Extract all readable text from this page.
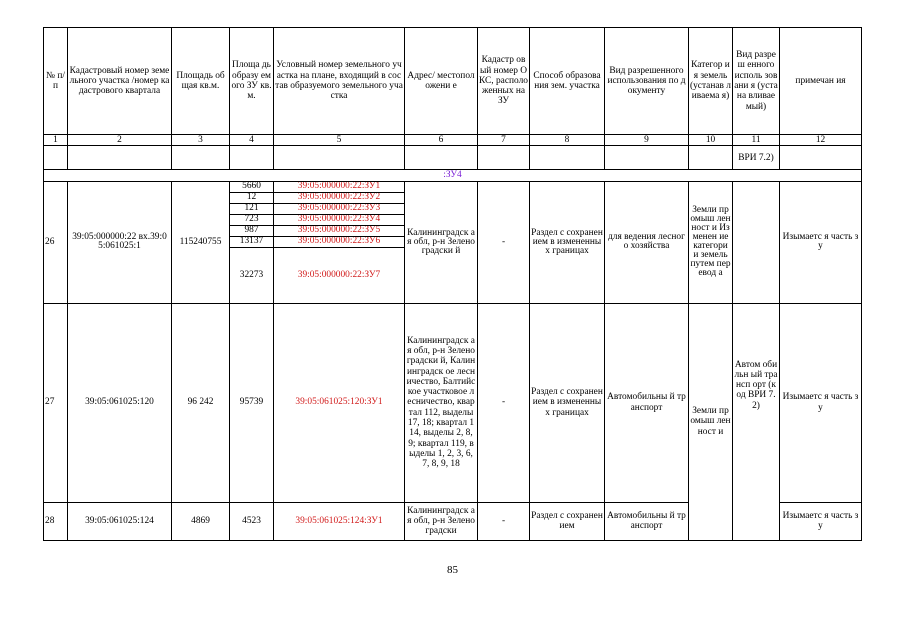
№ п/ п	Кадастровый номер земельного участка /номер кадастрового квартала	Площадь общая кв.м.	Площа дь образу емого ЗУ кв.м.	Условный номер земельного участка на плане, входящий в состав образуемого земельного участка	Адрес/ местоположени е	Кадастр овый номер ОКС, располо женных на ЗУ	Способ образования зем. участка	Вид разрешенного использования по документу	Категор ия земель (устанав ливаема я)	Вид разреш енного исполь зовани я (устана вливае мый)	примечан ия
1	2	3	4	5	6	7	8	9	10	11	12
										ВРИ 7.2)	
:ЗУ4											
26	39:05:000000:22 вх.39:05:061025:1	115240755	5660	39:05:000000:22:ЗУ1	Калининградск ая обл, р-н Зеленоградски й	-	Раздел с сохранением в измененных границах	для ведения лесного хозяйства	Земли промыш ленност и Изменен ие категори и земель путем перевод а		Изымаетс я часть зу
			12	39:05:000000:22:ЗУ2							
			121	39:05:000000:22:ЗУ3							
			723	39:05:000000:22:ЗУ4							
			987	39:05:000000:22:ЗУ5							
			13137	39:05:000000:22:ЗУ6							
			32273	39:05:000000:22:ЗУ7							
27	39:05:061025:120	96 242	95739	39:05:061025:120:ЗУ1	Калининградск ая обл, р-н Зеленоградски й, Калининградск ое лесничество, Балтийское участковое лесничество, квартал 112, выделы 17, 18; квартал 114, выделы 2, 8, 9; квартал 119, выделы 1, 2, 3, 6, 7, 8, 9, 18	-	Раздел с сохранением в измененных границах	Автомобильны й транспорт	Земли промыш ленност и	Автом обильн ый трансп орт (код ВРИ 7.2)	Изымаетс я часть зу
28	39:05:061025:124	4869	4523	39:05:061025:124:ЗУ1	Калининградск ая обл, р-н Зеленоградски	-	Раздел с сохранением	Автомобильны й транспорт			Изымаетс я часть зу
85
